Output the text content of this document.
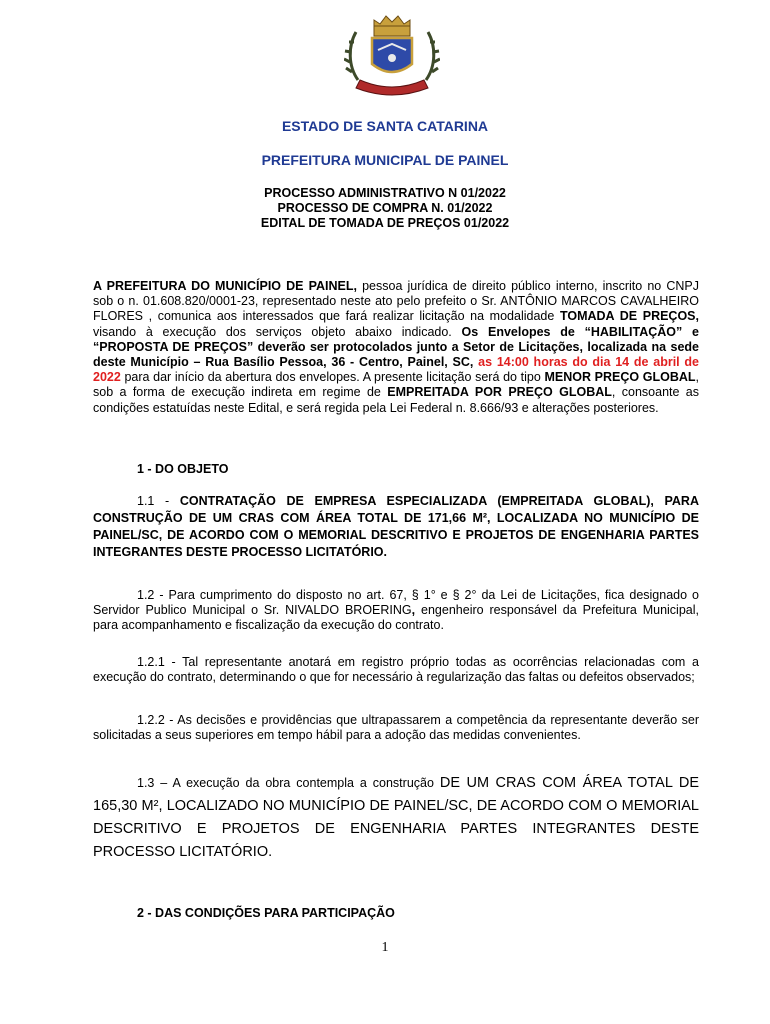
ESTADO DE SANTA CATARINA
PREFEITURA MUNICIPAL DE PAINEL
PROCESSO ADMINISTRATIVO N 01/2022
PROCESSO DE COMPRA N. 01/2022
EDITAL DE TOMADA DE PREÇOS 01/2022

A PREFEITURA DO MUNICÍPIO DE PAINEL, pessoa jurídica de direito público interno, inscrito no CNPJ sob o n. 01.608.820/0001-23, representado neste ato pelo prefeito o Sr. ANTÔNIO MARCOS CAVALHEIRO FLORES , comunica aos interessados que fará realizar licitação na modalidade TOMADA DE PREÇOS, visando à execução dos serviços objeto abaixo indicado. Os Envelopes de “HABILITAÇÃO” e “PROPOSTA DE PREÇOS” deverão ser protocolados junto a Setor de Licitações, localizada na sede deste Município – Rua Basílio Pessoa, 36 - Centro, Painel, SC, as 14:00 horas do dia 14 de abril de 2022 para dar início da abertura dos envelopes. A presente licitação será do tipo MENOR PREÇO GLOBAL, sob a forma de execução indireta em regime de EMPREITADA POR PREÇO GLOBAL, consoante as condições estatuídas neste Edital, e será regida pela Lei Federal n. 8.666/93 e alterações posteriores.

1 - DO OBJETO

1.1 - CONTRATAÇÃO DE EMPRESA ESPECIALIZADA (EMPREITADA GLOBAL), PARA CONSTRUÇÃO DE UM CRAS COM ÁREA TOTAL DE 171,66 M², LOCALIZADA NO MUNICÍPIO DE PAINEL/SC, DE ACORDO COM O MEMORIAL DESCRITIVO E PROJETOS DE ENGENHARIA PARTES INTEGRANTES DESTE PROCESSO LICITATÓRIO.

1.2 - Para cumprimento do disposto no art. 67, § 1° e § 2° da Lei de Licitações, fica designado o Servidor Publico Municipal o Sr. NIVALDO BROERING, engenheiro responsável da Prefeitura Municipal, para acompanhamento e fiscalização da execução do contrato.

1.2.1 - Tal representante anotará em registro próprio todas as ocorrências relacionadas com a execução do contrato, determinando o que for necessário à regularização das faltas ou defeitos observados;

1.2.2 - As decisões e providências que ultrapassarem a competência da representante deverão ser solicitadas a seus superiores em tempo hábil para a adoção das medidas convenientes.

1.3 – A execução da obra contempla a construção DE UM CRAS COM ÁREA TOTAL DE 165,30 M², LOCALIZADO NO MUNICÍPIO DE PAINEL/SC, DE ACORDO COM O MEMORIAL DESCRITIVO E PROJETOS DE ENGENHARIA PARTES INTEGRANTES DESTE PROCESSO LICITATÓRIO.

2 - DAS CONDIÇÕES PARA PARTICIPAÇÃO
1
